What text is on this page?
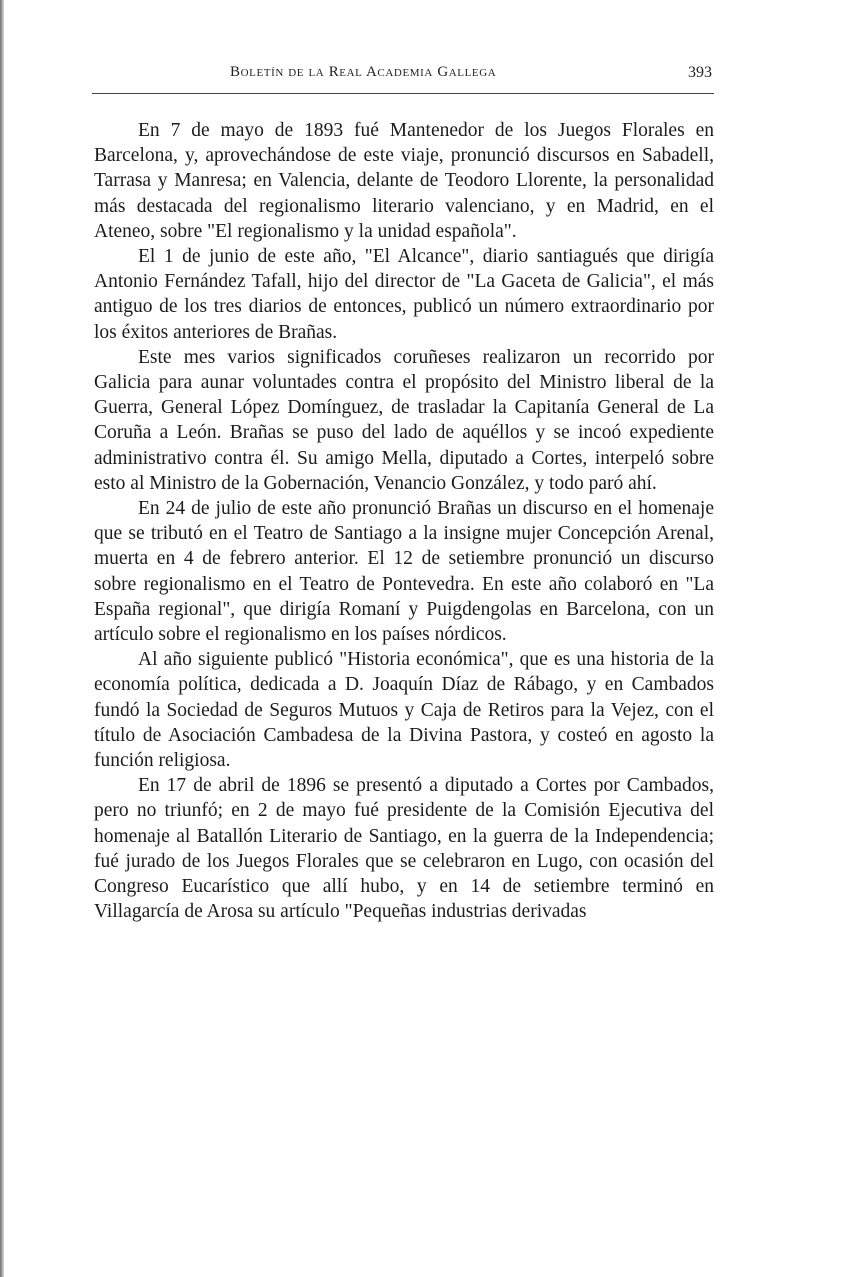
Boletín de la Real Academia Gallega	393

En 7 de mayo de 1893 fué Mantenedor de los Juegos Florales en Barcelona, y, aprovechándose de este viaje, pronunció discursos en Sabadell, Tarrasa y Manresa; en Valencia, delante de Teodoro Llorente, la personalidad más destacada del regionalismo literario valenciano, y en Madrid, en el Ateneo, sobre "El regionalismo y la unidad española".

El 1 de junio de este año, "El Alcance", diario santiagués que dirigía Antonio Fernández Tafall, hijo del director de "La Gaceta de Galicia", el más antiguo de los tres diarios de entonces, publicó un número extraordinario por los éxitos anteriores de Brañas.

Este mes varios significados coruñeses realizaron un recorrido por Galicia para aunar voluntades contra el propósito del Ministro liberal de la Guerra, General López Domínguez, de trasladar la Capitanía General de La Coruña a León. Brañas se puso del lado de aquéllos y se incoó expediente administrativo contra él. Su amigo Mella, diputado a Cortes, interpeló sobre esto al Ministro de la Gobernación, Venancio González, y todo paró ahí.

En 24 de julio de este año pronunció Brañas un discurso en el homenaje que se tributó en el Teatro de Santiago a la insigne mujer Concepción Arenal, muerta en 4 de febrero anterior. El 12 de setiembre pronunció un discurso sobre regionalismo en el Teatro de Pontevedra. En este año colaboró en "La España regional", que dirigía Romaní y Puigdengolas en Barcelona, con un artículo sobre el regionalismo en los países nórdicos.

Al año siguiente publicó "Historia económica", que es una historia de la economía política, dedicada a D. Joaquín Díaz de Rábago, y en Cambados fundó la Sociedad de Seguros Mutuos y Caja de Retiros para la Vejez, con el título de Asociación Cambadesa de la Divina Pastora, y costeó en agosto la función religiosa.

En 17 de abril de 1896 se presentó a diputado a Cortes por Cambados, pero no triunfó; en 2 de mayo fué presidente de la Comisión Ejecutiva del homenaje al Batallón Literario de Santiago, en la guerra de la Independencia; fué jurado de los Juegos Florales que se celebraron en Lugo, con ocasión del Congreso Eucarístico que allí hubo, y en 14 de setiembre terminó en Villagarcía de Arosa su artículo "Pequeñas industrias derivadas
